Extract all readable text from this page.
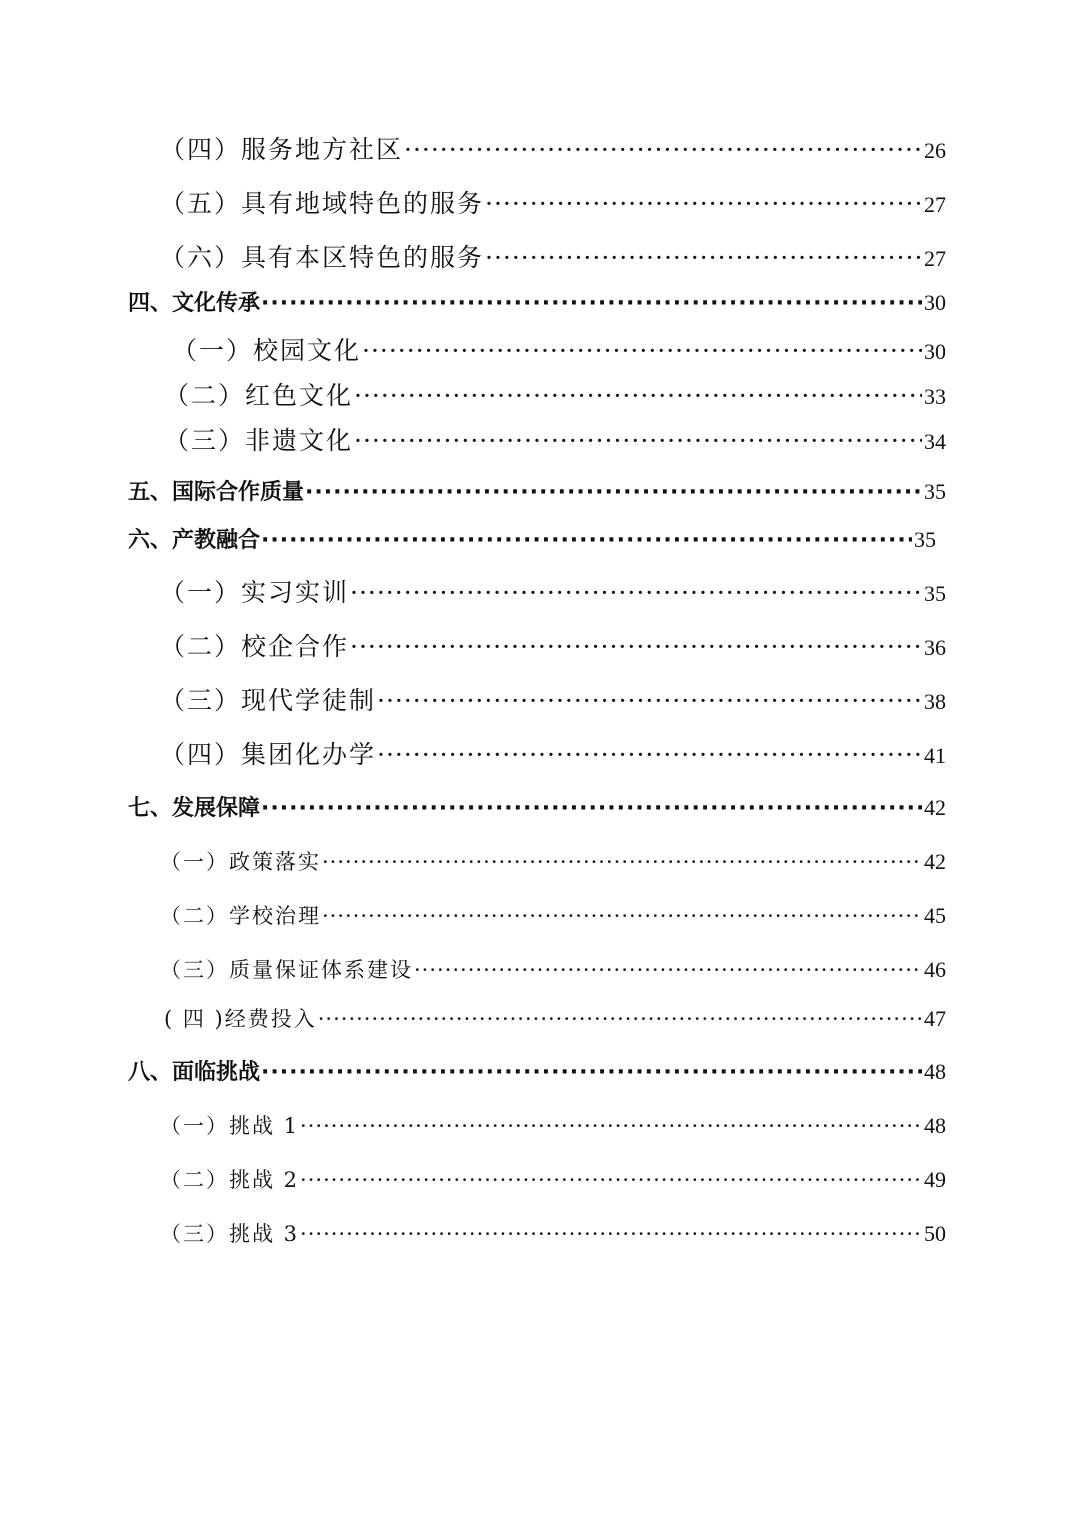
（四）服务地方社区 ·····	26
（五）具有地域特色的服务 ·····	27
（六）具有本区特色的服务 ·····	27
四、文化传承 ·····	30
（一）校园文化 ·····	30
（二）红色文化 ·····	33
（三）非遗文化 ·····	34
五、国际合作质量 ·····	35
六、产教融合 ·····	35
（一）实习实训 ·····	35
（二）校企合作 ·····	36
（三）现代学徒制 ·····	38
（四）集团化办学 ·····	41
七、发展保障 ·····	42
（一）政策落实 ·····	42
（二）学校治理 ·····	45
（三）质量保证体系建设 ·····	46
( 四 )经费投入 ·····	47
八、面临挑战 ·····	48
（一）挑战 1 ·····	48
（二）挑战 2 ·····	49
（三）挑战 3 ·····	50
